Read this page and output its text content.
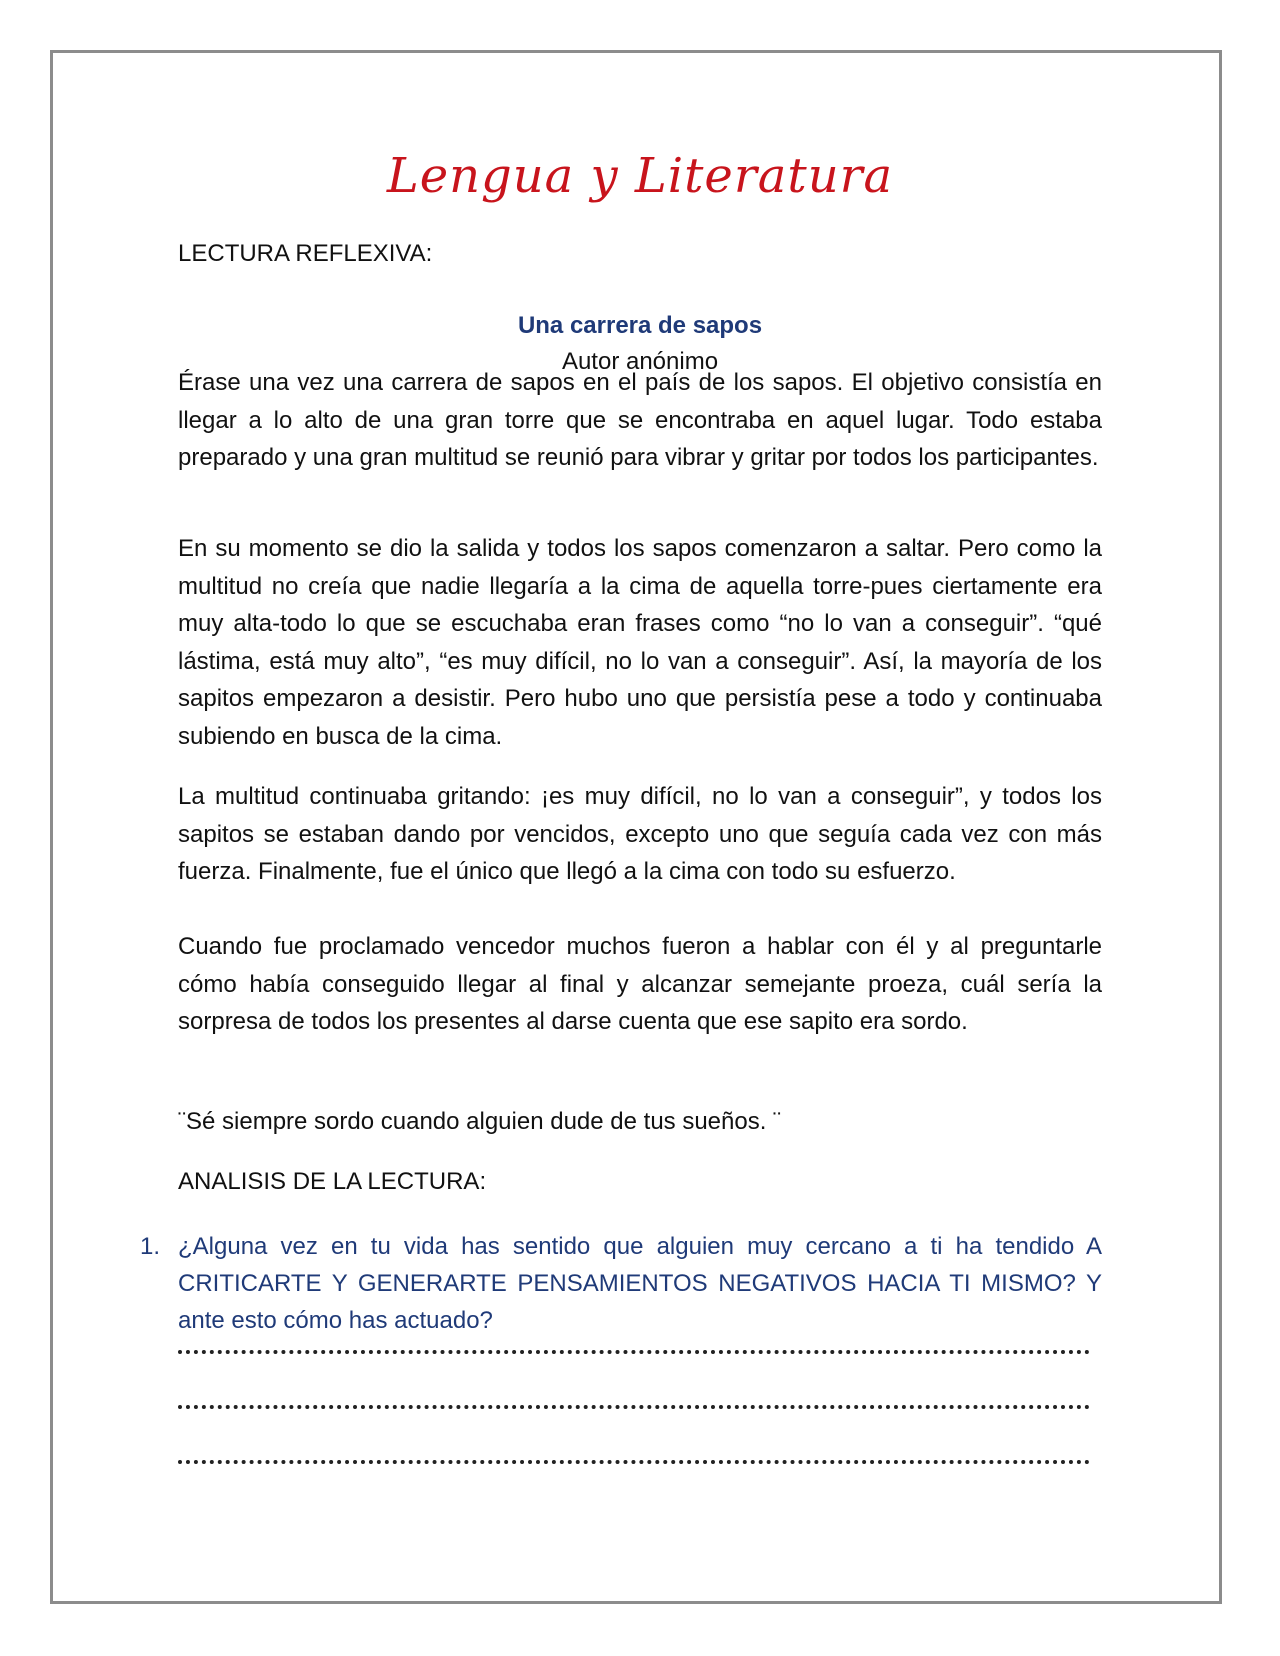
Lengua y Literatura
LECTURA REFLEXIVA:
Una carrera de sapos
Autor anónimo

Érase una vez una carrera de sapos en el país de los sapos. El objetivo consistía en llegar a lo alto de una gran torre que se encontraba en aquel lugar. Todo estaba preparado y una gran multitud se reunió para vibrar y gritar por todos los participantes.

En su momento se dio la salida y todos los sapos comenzaron a saltar. Pero como la multitud no creía que nadie llegaría a la cima de aquella torre-pues ciertamente era muy alta-todo lo que se escuchaba eran frases como “no lo van a conseguir”. “qué lástima, está muy alto”, “es muy difícil, no lo van a conseguir”. Así, la mayoría de los sapitos empezaron a desistir. Pero hubo uno que persistía pese a todo y continuaba subiendo en busca de la cima.

La multitud continuaba gritando: ¡es muy difícil, no lo van a conseguir”, y todos los sapitos se estaban dando por vencidos, excepto uno que seguía cada vez con más fuerza. Finalmente, fue el único que llegó a la cima con todo su esfuerzo.

Cuando fue proclamado vencedor muchos fueron a hablar con él y al preguntarle cómo había conseguido llegar al final y alcanzar semejante proeza, cuál sería la sorpresa de todos los presentes al darse cuenta que ese sapito era sordo.

¨Sé siempre sordo cuando alguien dude de tus sueños. ¨
ANALISIS DE LA LECTURA:
1. ¿Alguna vez en tu vida has sentido que alguien muy cercano a ti ha tendido A CRITICARTE Y GENERARTE PENSAMIENTOS NEGATIVOS HACIA TI MISMO? Y ante esto cómo has actuado?
